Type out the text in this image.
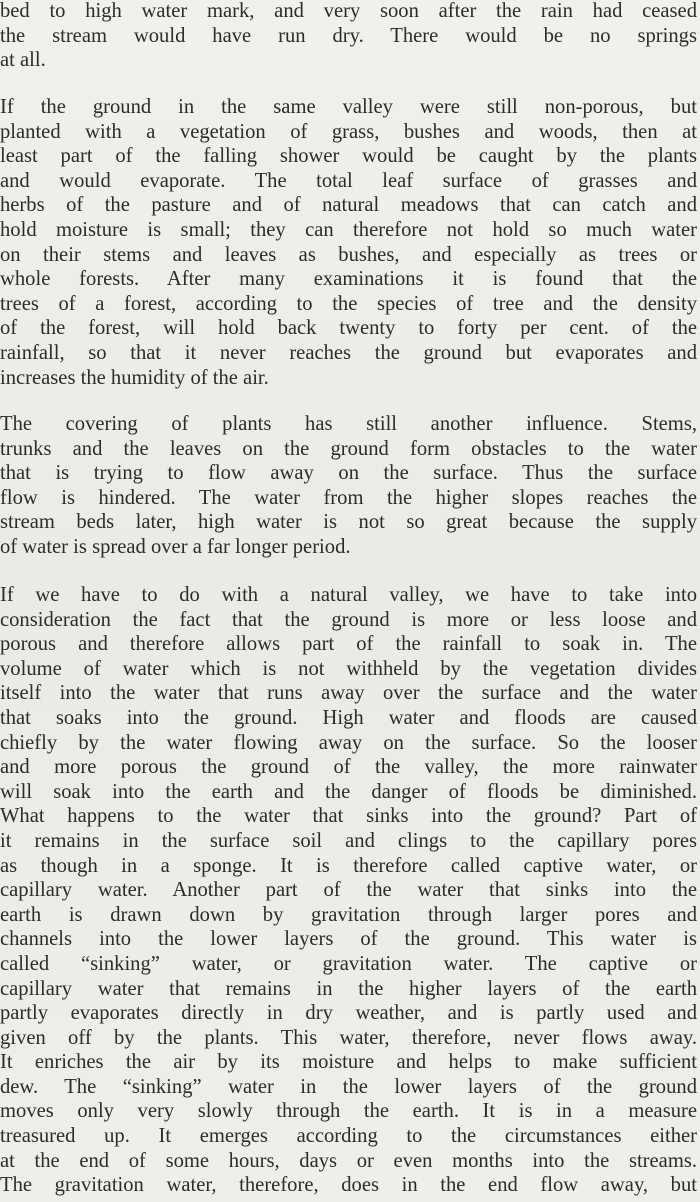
bed to high water mark, and very soon after the rain had ceased
the stream would have run dry. There would be no springs
at all.
If the ground in the same valley were still non-porous, but
planted with a vegetation of grass, bushes and woods, then at
least part of the falling shower would be caught by the plants
and would evaporate. The total leaf surface of grasses and
herbs of the pasture and of natural meadows that can catch and
hold moisture is small; they can therefore not hold so much water
on their stems and leaves as bushes, and especially as trees or
whole forests. After many examinations it is found that the
trees of a forest, according to the species of tree and the density
of the forest, will hold back twenty to forty per cent. of the
rainfall, so that it never reaches the ground but evaporates and
increases the humidity of the air.
The covering of plants has still another influence. Stems,
trunks and the leaves on the ground form obstacles to the water
that is trying to flow away on the surface. Thus the surface
flow is hindered. The water from the higher slopes reaches the
stream beds later, high water is not so great because the supply
of water is spread over a far longer period.
If we have to do with a natural valley, we have to take into
consideration the fact that the ground is more or less loose and
porous and therefore allows part of the rainfall to soak in. The
volume of water which is not withheld by the vegetation divides
itself into the water that runs away over the surface and the water
that soaks into the ground. High water and floods are caused
chiefly by the water flowing away on the surface. So the looser
and more porous the ground of the valley, the more rainwater
will soak into the earth and the danger of floods be diminished.
What happens to the water that sinks into the ground? Part of
it remains in the surface soil and clings to the capillary pores
as though in a sponge. It is therefore called captive water, or
capillary water. Another part of the water that sinks into the
earth is drawn down by gravitation through larger pores and
channels into the lower layers of the ground. This water is
called “sinking” water, or gravitation water. The captive or
capillary water that remains in the higher layers of the earth
partly evaporates directly in dry weather, and is partly used and
given off by the plants. This water, therefore, never flows away.
It enriches the air by its moisture and helps to make sufficient
dew. The “sinking” water in the lower layers of the ground
moves only very slowly through the earth. It is in a measure
treasured up. It emerges according to the circumstances either
at the end of some hours, days or even months into the streams.
The gravitation water, therefore, does in the end flow away, but
